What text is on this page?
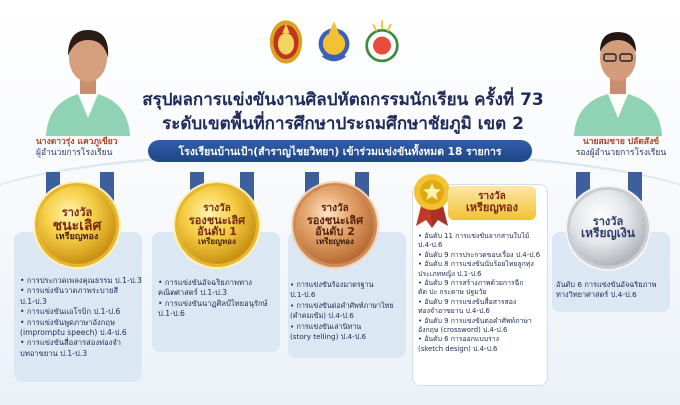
นางดาวรุ่ง แควภูเขียว
ผู้อำนวยการโรงเรียน
นายสมชาย ปลัดสังข์
รองผู้อำนวยการโรงเรียน
สรุปผลการแข่งขันงานศิลปหัตถกรรมนักเรียน ครั้งที่ 73
ระดับเขตพื้นที่การศึกษาประถมศึกษาชัยภูมิ เขต 2
โรงเรียนบ้านเป้า(สำราญไชยวิทยา) เข้าร่วมแข่งขันทั้งหมด 18 รายการ
รางวัล
ชนะเลิศ
เหรียญทอง
• การประกวดเพลงคุณธรรม ป.1-ป.3
• การแข่งขันวาดภาพระบายสี
ป.1-ป.3
• การแข่งขันแอโรบิก ป.1-ป.6
• การแข่งขันพูดภาษาอังกฤษ
(impromptu speech) ป.4-ป.6
• การแข่งขันสื่อสารสองท่องจำ
บทอาขยาน ป.1-ป.3
รางวัล
รองชนะเลิศ
อันดับ 1
เหรียญทอง
• การแข่งขันอัจฉริยภาพทาง
คณิตศาสตร์ ป.1-ป.3
• การแข่งขันนาฏศิลป์ไทยอนุรักษ์
ป.1-ป.6
รางวัล
รองชนะเลิศ
อันดับ 2
เหรียญทอง
• การแข่งขันร้องมาตรฐาน
ป.1-ป.6
• การแข่งขันต่อคำศัพท์ภาษาไทย
(คำคมเข้ม) ป.4-ป.6
• การแข่งขันเล่านิทาน
(story telling) ป.4-ป.6
รางวัล
เหรียญทอง
• อันดับ 11 การแข่งขันจากสานใบไม้
ป.4-ป.6
• อันดับ 9 การประกวดขอบเรื่อง ป.4-ป.6
• อันดับ 8 การแข่งขันนับร้อยไทยลูกทุ่ง
ประเภทหญิง ป.1-ป.6
• อันดับ 9 การสร้างภาพด้วยการฉีก
ตัด ปะ กระดาษ ปฐมวัย
• อันดับ 9 การแข่งขันสื่อสารสอง
ท่องจำอาขยาน ป.4-ป.6
• อันดับ 9 การแข่งขันต่อคำศัพท์ภาษา
อังกฤษ (crossword) ป.4-ป.6
• อันดับ 6 การออกแบบร่าง
(sketch design) ป.4-ป.6
รางวัล
เหรียญเงิน
อันดับ 6 การแข่งขันอัจฉริยภาพ
ทางวิทยาศาสตร์ ป.4-ป.6
